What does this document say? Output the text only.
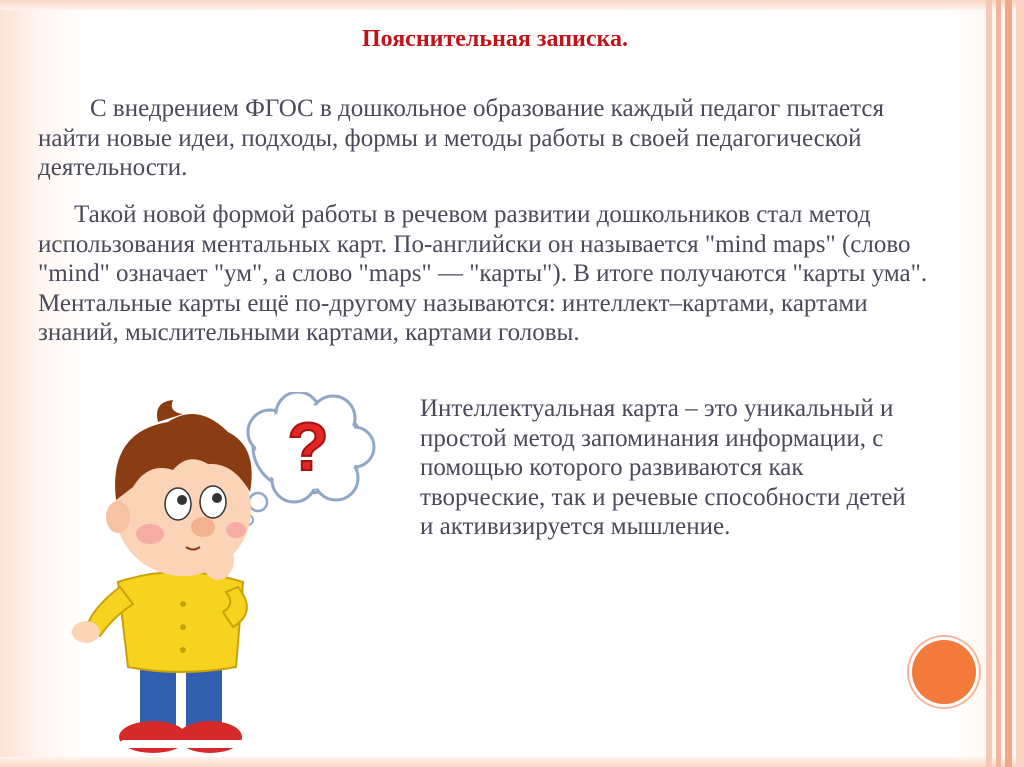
Пояснительная записка.

С внедрением ФГОС в дошкольное образование каждый педагог пытается найти новые идеи, подходы, формы и методы работы в своей педагогической деятельности.

Такой новой формой работы в речевом развитии дошкольников стал метод использования ментальных карт. По-английски он называется "mind maps" (слово "mind" означает "ум", а слово "maps" — "карты"). В итоге получаются "карты ума". Ментальные карты ещё по-другому называются: интеллект–картами, картами знаний, мыслительными картами, картами головы.

Интеллектуальная карта – это уникальный и простой метод запоминания информации, с помощью которого развиваются как творческие, так и речевые способности детей и активизируется мышление.

?
